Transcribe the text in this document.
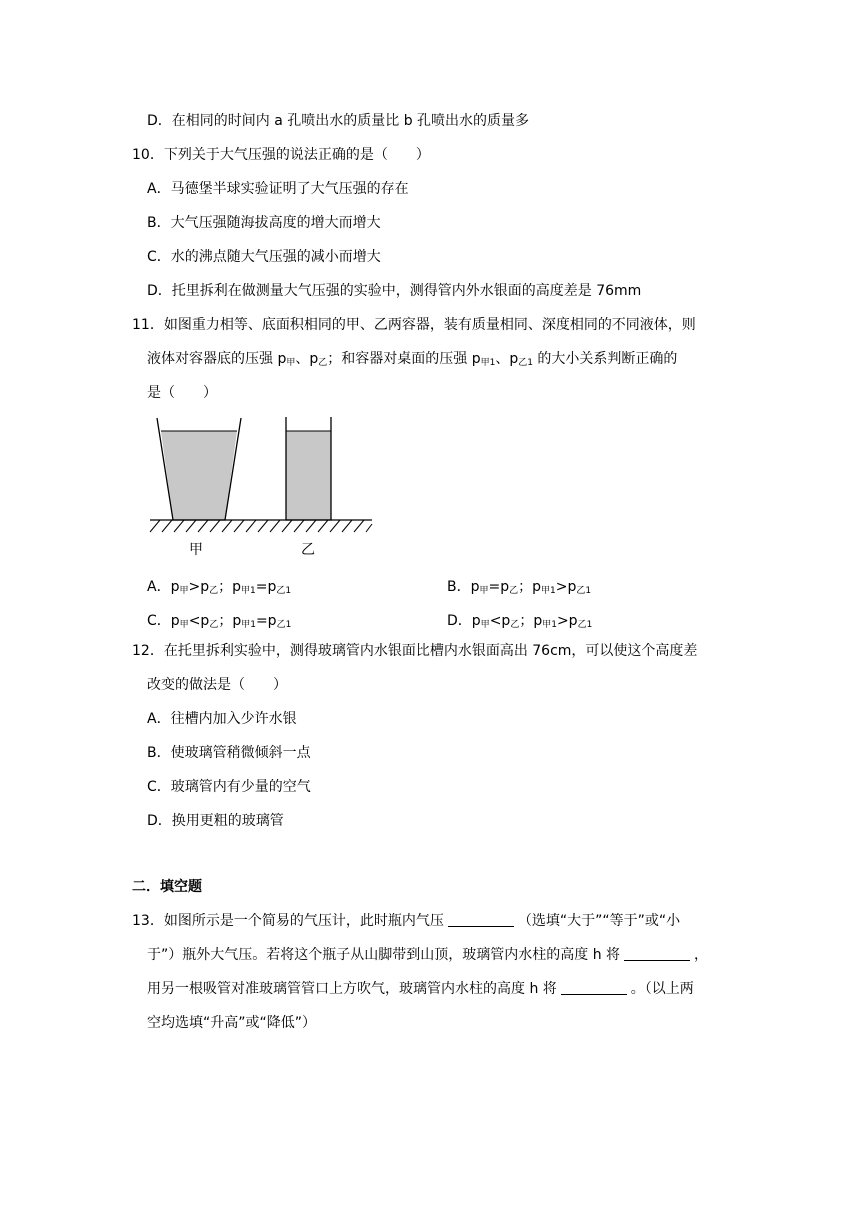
D．在相同的时间内 a 孔喷出水的质量比 b 孔喷出水的质量多
10．下列关于大气压强的说法正确的是（　　）
A．马德堡半球实验证明了大气压强的存在
B．大气压强随海拔高度的增大而增大
C．水的沸点随大气压强的减小而增大
D．托里拆利在做测量大气压强的实验中，测得管内外水银面的高度差是 76mm
11．如图重力相等、底面积相同的甲、乙两容器，装有质量相同、深度相同的不同液体，则
液体对容器底的压强 $p_甲$、$p_乙$；和容器对桌面的压强 $p_{甲1}$、$p_{乙1}$ 的大小关系判断正确的
是（　　）
甲	乙
A．$p_甲>p_乙$；$p_{甲1}=p_{乙1}$	B．$p_甲=p_乙$；$p_{甲1}>p_{乙1}$
C．$p_甲<p_乙$；$p_{甲1}=p_{乙1}$	D．$p_甲<p_乙$；$p_{甲1}>p_{乙1}$
12．在托里拆利实验中，测得玻璃管内水银面比槽内水银面高出 76cm，可以使这个高度差
改变的做法是（　　）
A．往槽内加入少许水银
B．使玻璃管稍微倾斜一点
C．玻璃管内有少量的空气
D．换用更粗的玻璃管
二．填空题
13．如图所示是一个简易的气压计，此时瓶内气压	（选填“大于”“等于”或“小
于”）瓶外大气压。若将这个瓶子从山脚带到山顶，玻璃管内水柱的高度 h 将	，
用另一根吸管对准玻璃管管口上方吹气，玻璃管内水柱的高度 h 将	。（以上两
空均选填“升高”或“降低”）
